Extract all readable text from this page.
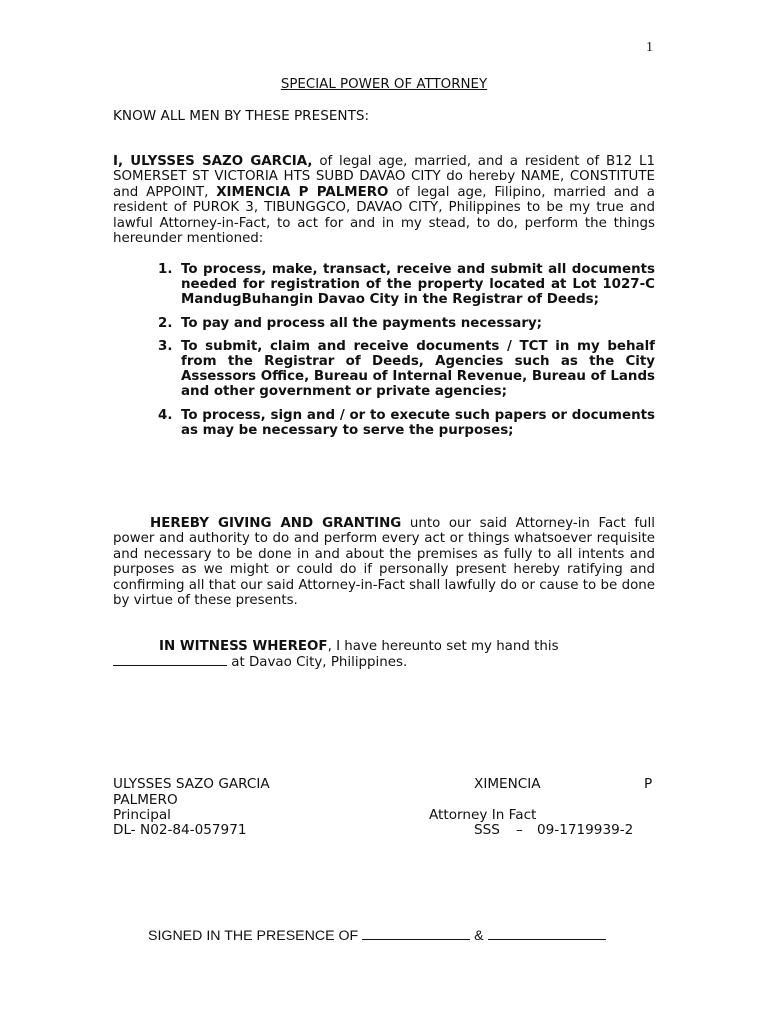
1
SPECIAL POWER OF ATTORNEY
KNOW ALL MEN BY THESE PRESENTS:
I, ULYSSES SAZO GARCIA, of legal age, married, and a resident of B12 L1 SOMERSET ST VICTORIA HTS SUBD DAVAO CITY do hereby NAME, CONSTITUTE and APPOINT, XIMENCIA P PALMERO of legal age, Filipino, married and a resident of PUROK 3, TIBUNGGCO, DAVAO CITY, Philippines to be my true and lawful Attorney-in-Fact, to act for and in my stead, to do, perform the things hereunder mentioned:
1. To process, make, transact, receive and submit all documents needed for registration of the property located at Lot 1027-C MandugBuhangin Davao City in the Registrar of Deeds;
2. To pay and process all the payments necessary;
3. To submit, claim and receive documents / TCT in my behalf from the Registrar of Deeds, Agencies such as the City Assessors Office, Bureau of Internal Revenue, Bureau of Lands and other government or private agencies;
4. To process, sign and / or to execute such papers or documents as may be necessary to serve the purposes;
HEREBY GIVING AND GRANTING unto our said Attorney-in Fact full power and authority to do and perform every act or things whatsoever requisite and necessary to be done in and about the premises as fully to all intents and purposes as we might or could do if personally present hereby ratifying and confirming all that our said Attorney-in-Fact shall lawfully do or cause to be done by virtue of these presents.
IN WITNESS WHEREOF, I have hereunto set my hand this
at Davao City, Philippines.
ULYSSES SAZO GARCIA	XIMENCIA	P
PALMERO
Principal	Attorney In Fact
DL- N02-84-057971	SSS – 09-1719939-2
SIGNED IN THE PRESENCE OF	&
